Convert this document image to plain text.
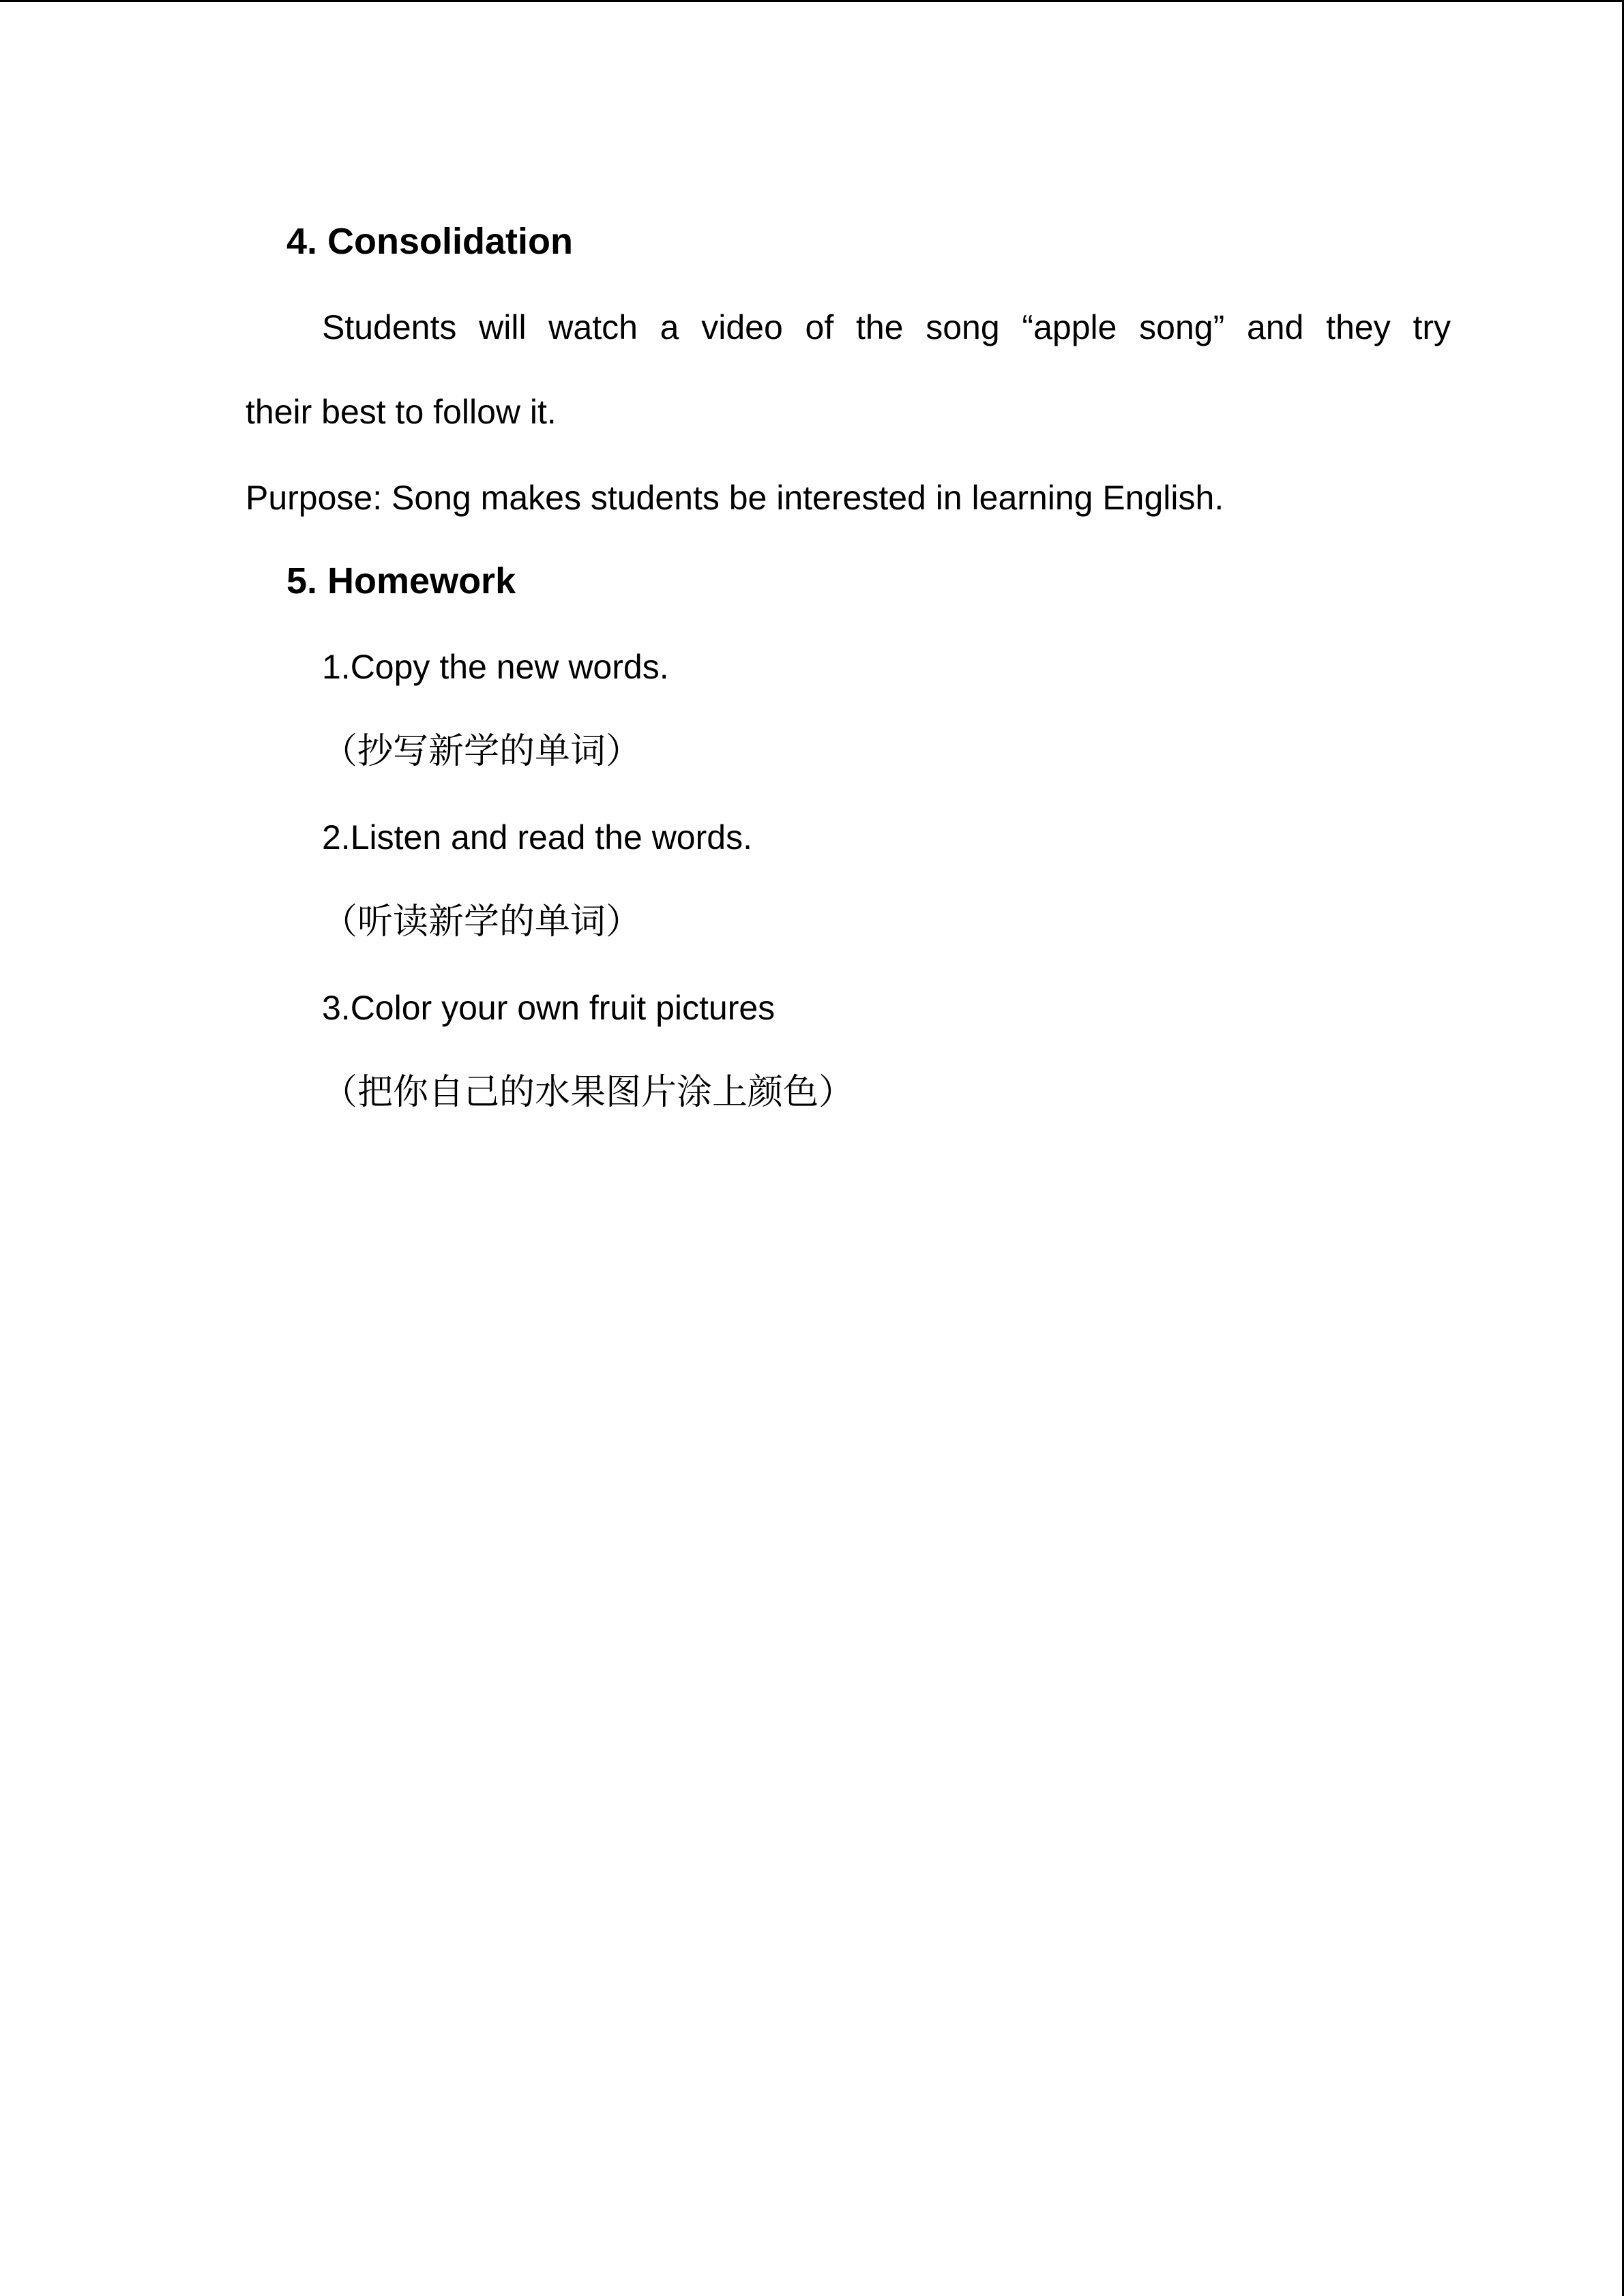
4. Consolidation
Students will watch a video of the song “apple song” and they try
their best to follow it.
Purpose: Song makes students be interested in learning English.
5. Homework
1.Copy the new words.
（抄写新学的单词）
2.Listen and read the words.
（听读新学的单词）
3.Color your own fruit pictures
（把你自己的水果图片涂上颜色）
